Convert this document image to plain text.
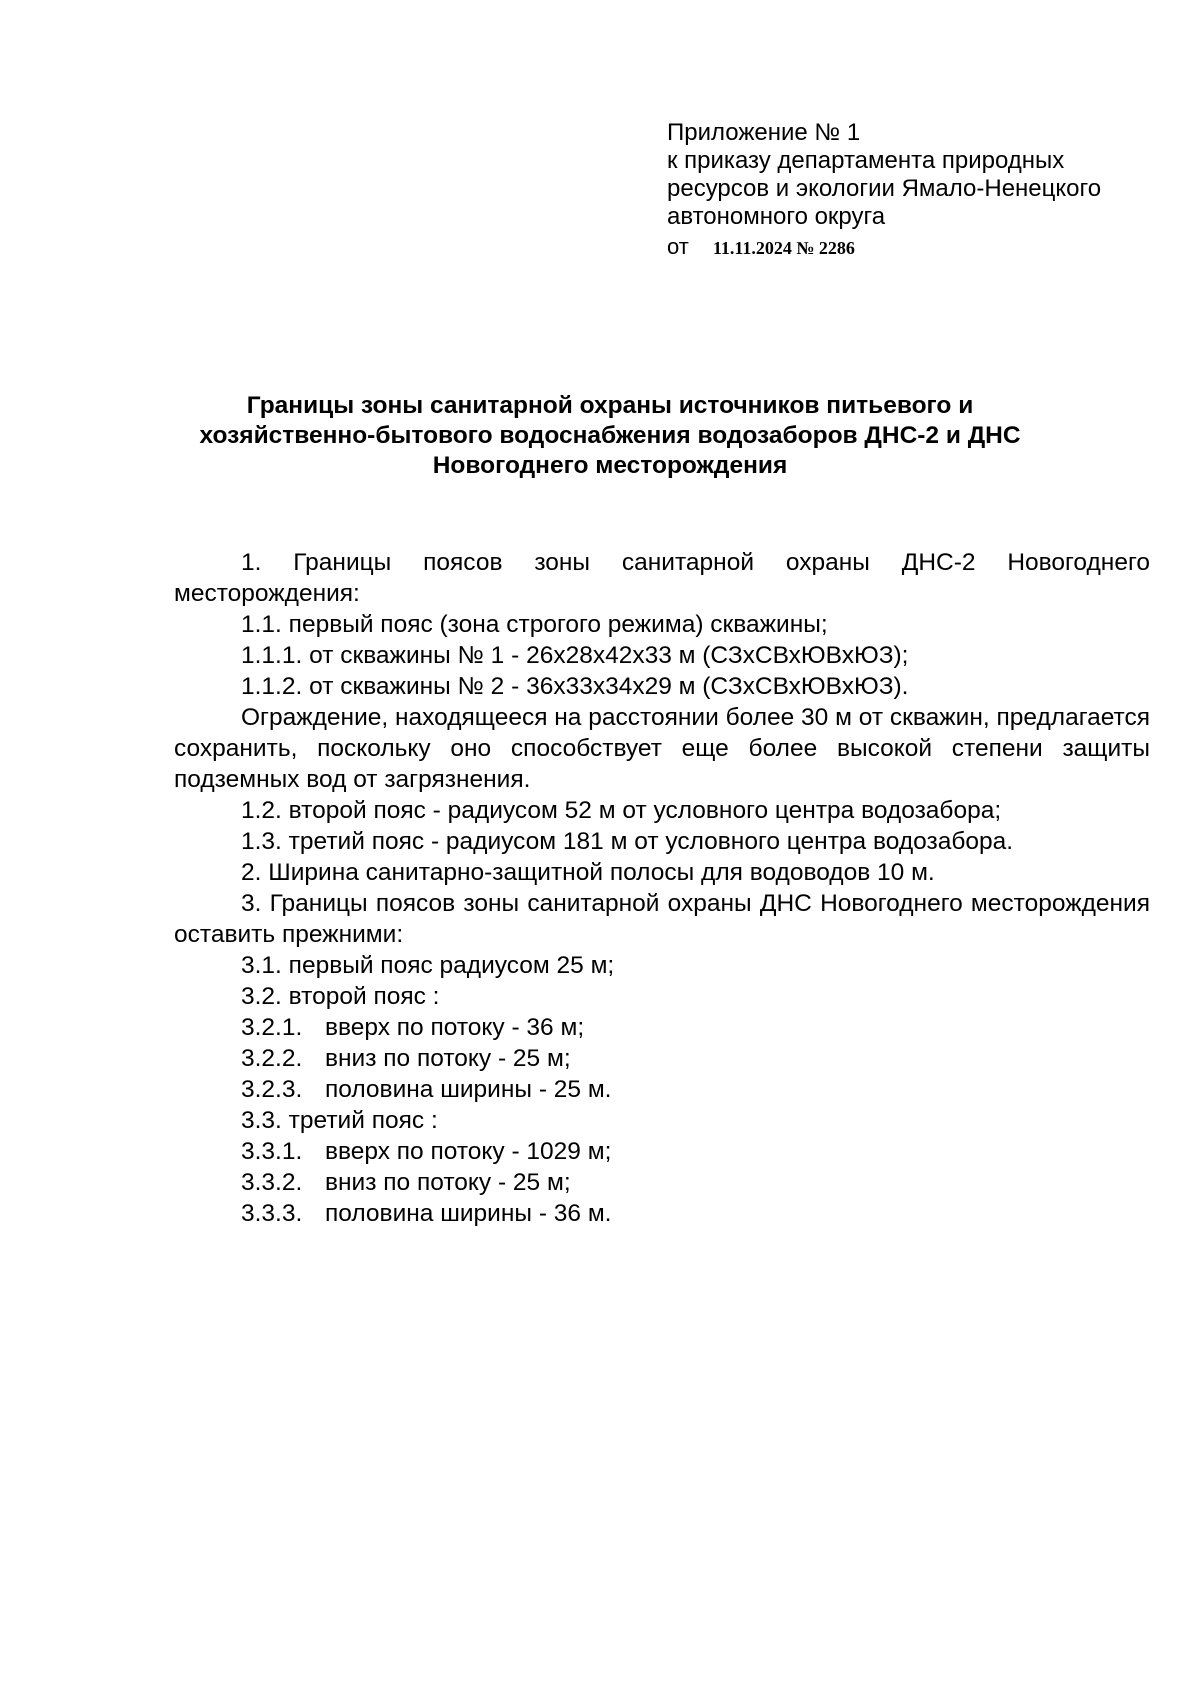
Приложение № 1
к приказу департамента природных
ресурсов и экологии Ямало-Ненецкого
автономного округа
от 11.11.2024 № 2286
Границы зоны санитарной охраны источников питьевого и
хозяйственно-бытового водоснабжения водозаборов ДНС-2 и ДНС
Новогоднего месторождения

1. Границы поясов зоны санитарной охраны ДНС-2 Новогоднего месторождения:

1.1. первый пояс (зона строгого режима) скважины;

1.1.1. от скважины № 1 - 26х28х42х33 м (СЗхСВхЮВхЮЗ);

1.1.2. от скважины № 2 - 36х33х34х29 м (СЗхСВхЮВхЮЗ).

Ограждение, находящееся на расстоянии более 30 м от скважин, предлагается сохранить, поскольку оно способствует еще более высокой степени защиты подземных вод от загрязнения.

1.2. второй пояс - радиусом 52 м от условного центра водозабора;

1.3. третий пояс - радиусом 181 м от условного центра водозабора.

2. Ширина санитарно-защитной полосы для водоводов 10 м.

3. Границы поясов зоны санитарной охраны ДНС Новогоднего месторождения оставить прежними:

3.1. первый пояс радиусом 25 м;

3.2. второй пояс :

3.2.1. вверх по потоку - 36 м;

3.2.2. вниз по потоку - 25 м;

3.2.3. половина ширины - 25 м.

3.3. третий пояс :

3.3.1. вверх по потоку - 1029 м;

3.3.2. вниз по потоку - 25 м;

3.3.3. половина ширины - 36 м.
